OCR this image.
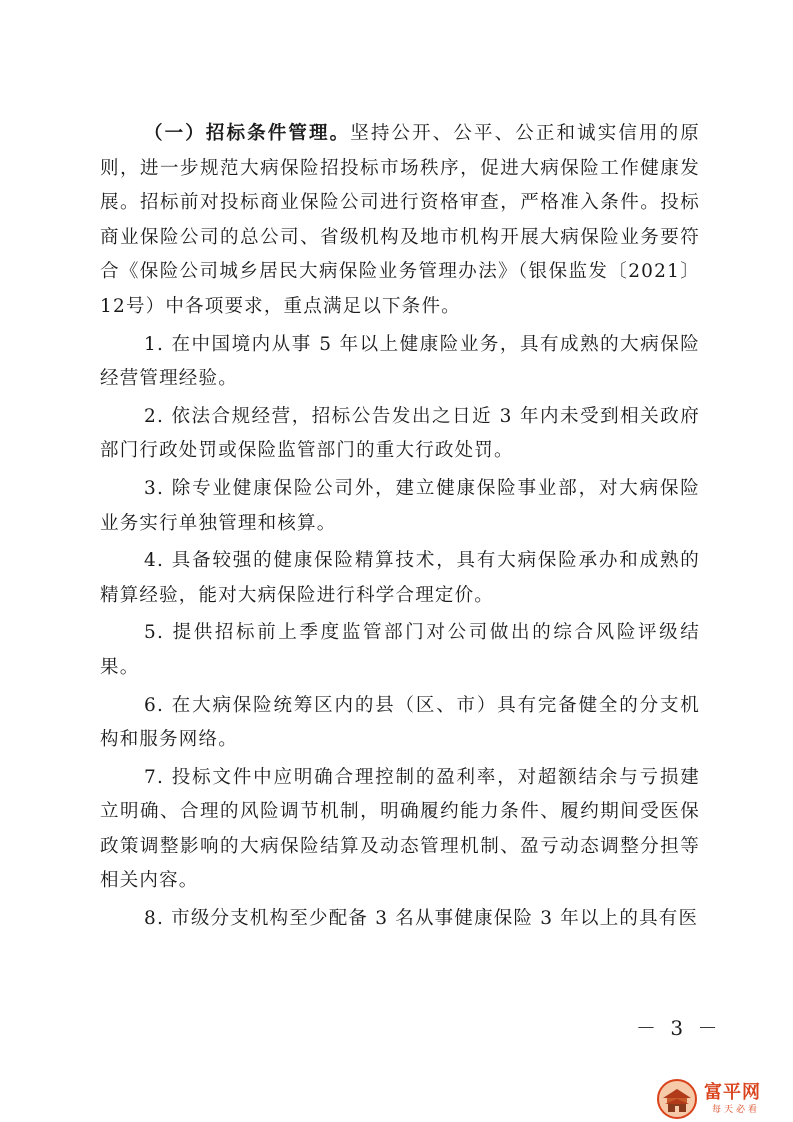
（一）招标条件管理。坚持公开、公平、公正和诚实信用的原则，进一步规范大病保险招投标市场秩序，促进大病保险工作健康发展。招标前对投标商业保险公司进行资格审查，严格准入条件。投标商业保险公司的总公司、省级机构及地市机构开展大病保险业务要符合《保险公司城乡居民大病保险业务管理办法》（银保监发〔2021〕12号）中各项要求，重点满足以下条件。

1. 在中国境内从事 5 年以上健康险业务，具有成熟的大病保险经营管理经验。

2. 依法合规经营，招标公告发出之日近 3 年内未受到相关政府部门行政处罚或保险监管部门的重大行政处罚。

3. 除专业健康保险公司外，建立健康保险事业部，对大病保险业务实行单独管理和核算。

4. 具备较强的健康保险精算技术，具有大病保险承办和成熟的精算经验，能对大病保险进行科学合理定价。

5. 提供招标前上季度监管部门对公司做出的综合风险评级结果。

6. 在大病保险统筹区内的县（区、市）具有完备健全的分支机构和服务网络。

7. 投标文件中应明确合理控制的盈利率，对超额结余与亏损建立明确、合理的风险调节机制，明确履约能力条件、履约期间受医保政策调整影响的大病保险结算及动态管理机制、盈亏动态调整分担等相关内容。

8. 市级分支机构至少配备 3 名从事健康保险 3 年以上的具有医

－ 3 －
富平网
每天必看
